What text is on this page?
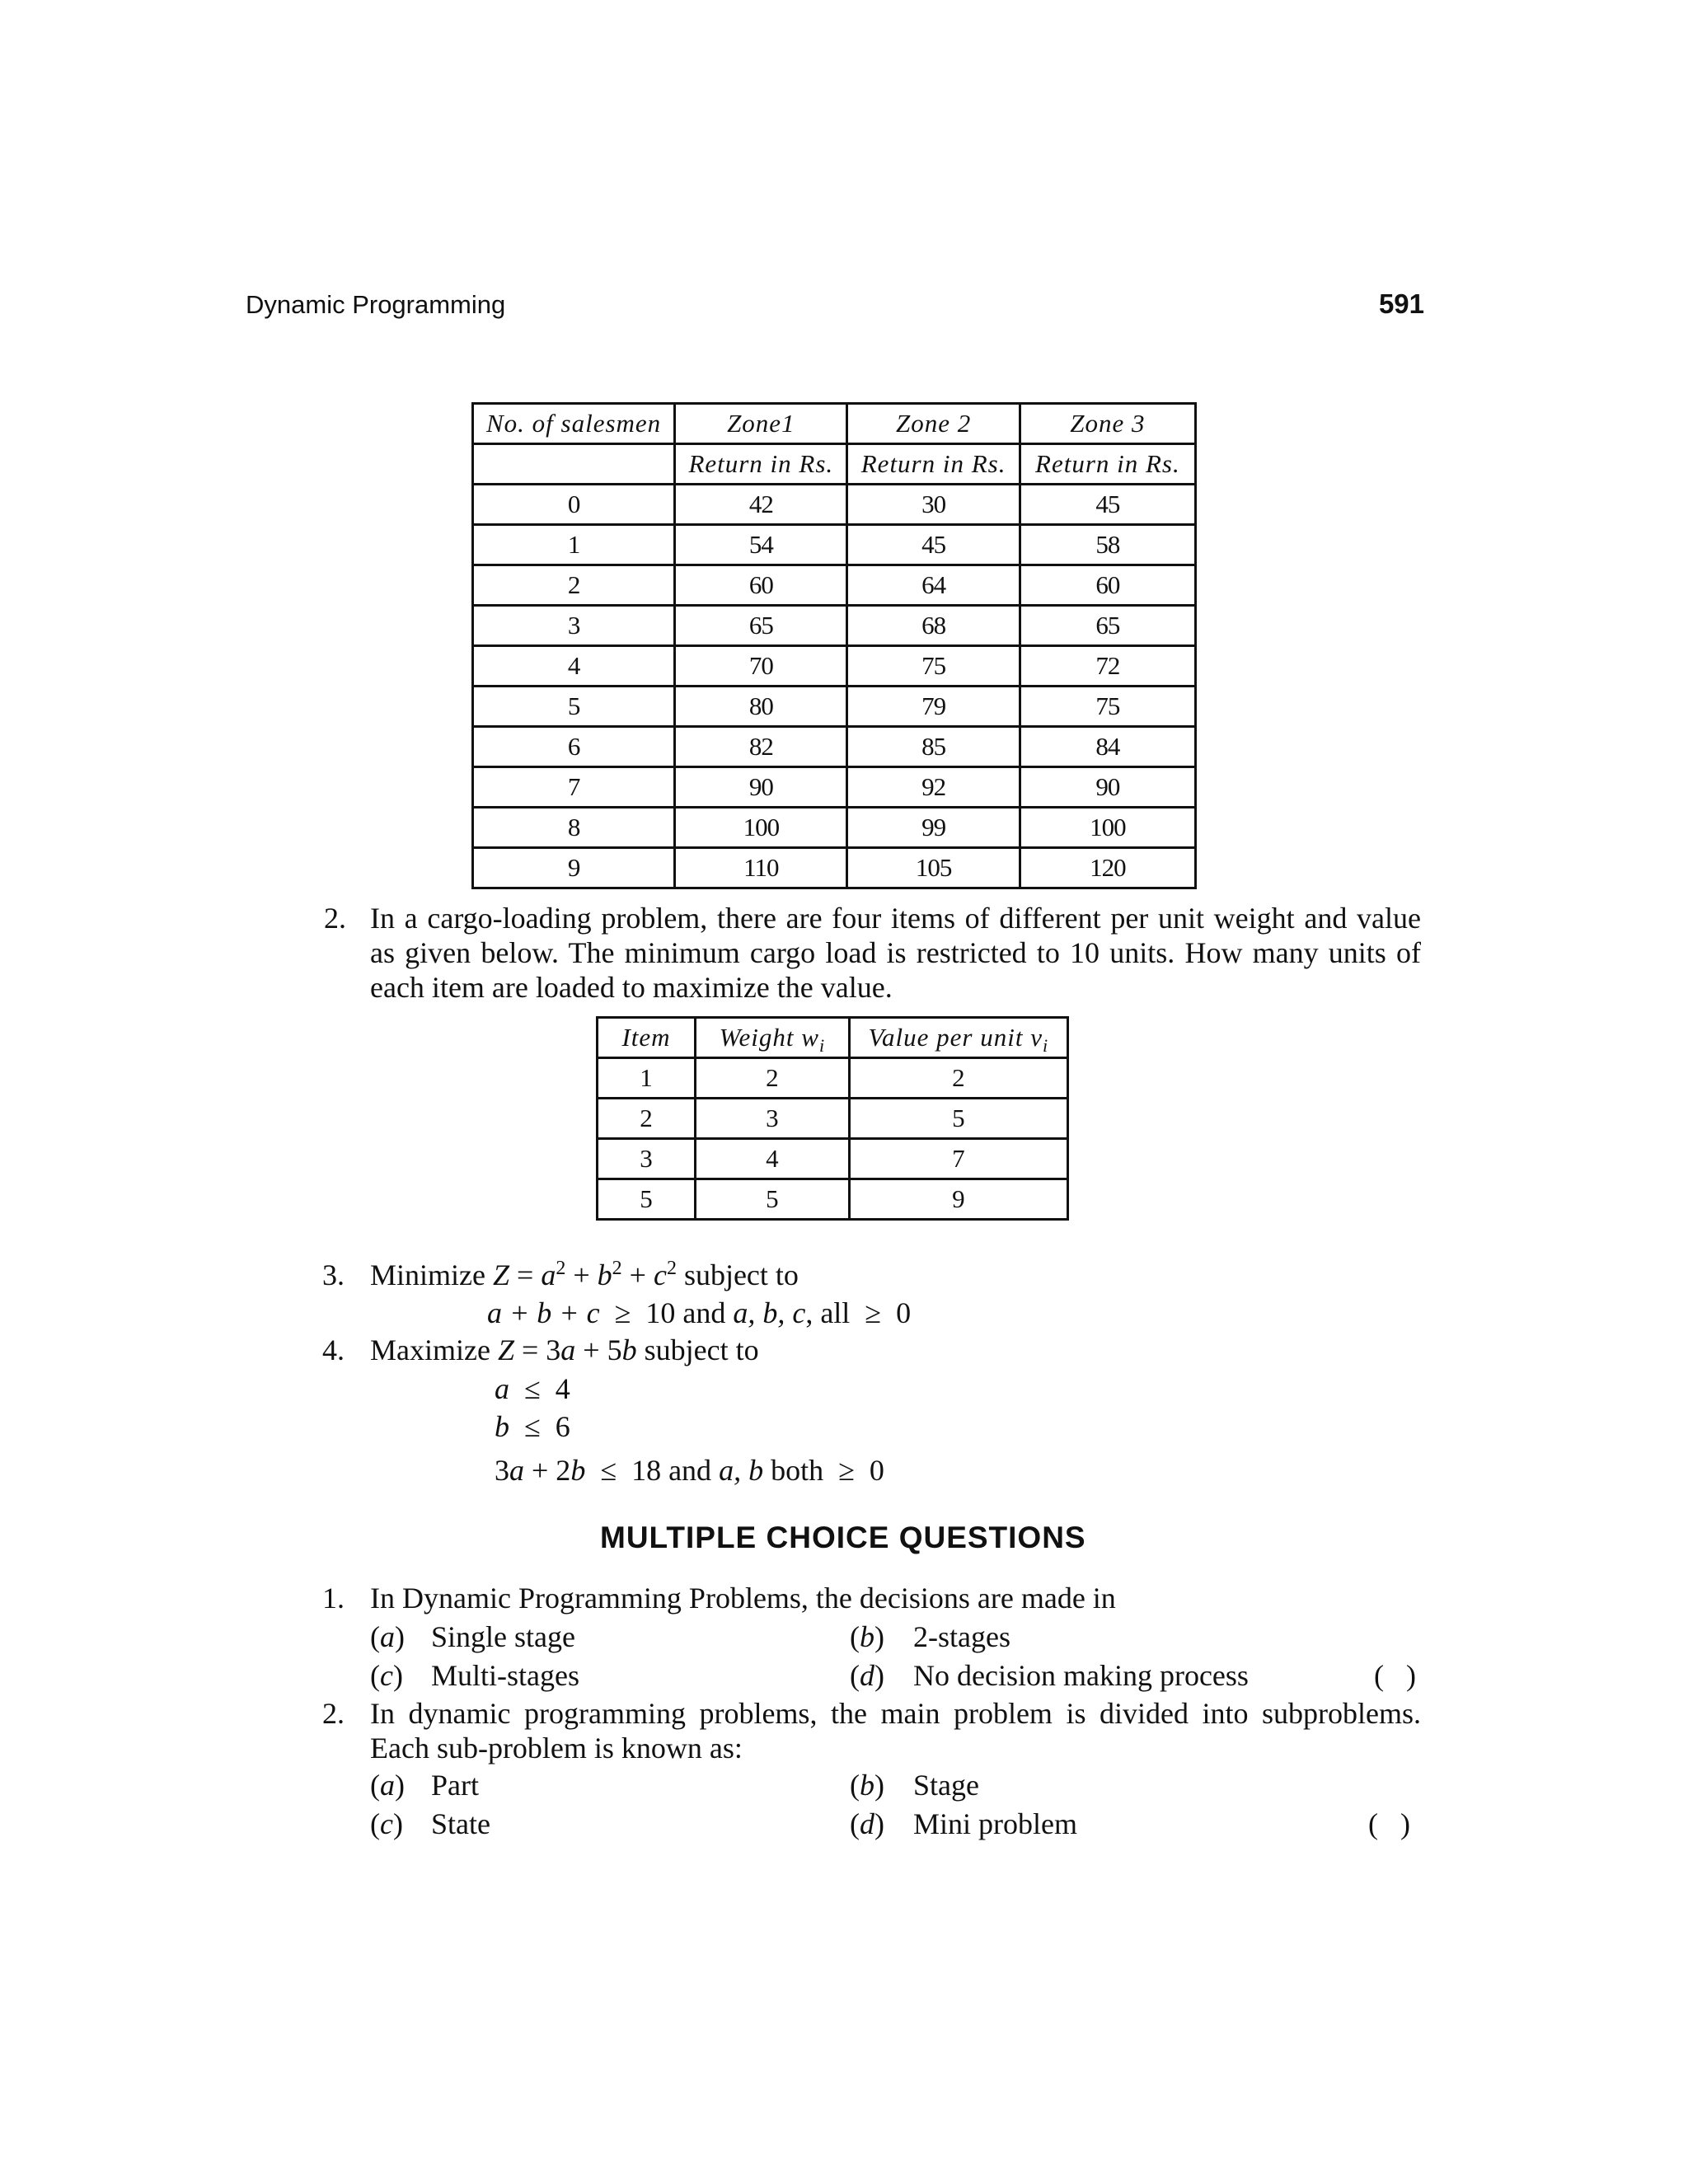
Dynamic Programming	591
No. of salesmen	Zone1	Zone 2	Zone 3
	Return in Rs.	Return in Rs.	Return in Rs.
0	42	30	45
1	54	45	58
2	60	64	60
3	65	68	65
4	70	75	72
5	80	79	75
6	82	85	84
7	90	92	90
8	100	99	100
9	110	105	120
2. In a cargo-loading problem, there are four items of different per unit weight and value as given below. The minimum cargo load is restricted to 10 units. How many units of each item are loaded to maximize the value.
Item	Weight $w_i$	Value per unit $v_i$
1	2	2
2	3	5
3	4	7
5	5	9
3. Minimize $Z = a^2 + b^2 + c^2$ subject to
a + b + c ≥ 10 and a, b, c, all ≥ 0
4. Maximize Z = 3a + 5b subject to
a ≤ 4
b ≤ 6
3a + 2b ≤ 18 and a, b both ≥ 0
MULTIPLE CHOICE QUESTIONS
1. In Dynamic Programming Problems, the decisions are made in
(a) Single stage	(b) 2-stages
(c) Multi-stages	(d) No decision making process	(   )
2. In dynamic programming problems, the main problem is divided into subproblems. Each sub-problem is known as:
(a) Part	(b) Stage
(c) State	(d) Mini problem	(   )
